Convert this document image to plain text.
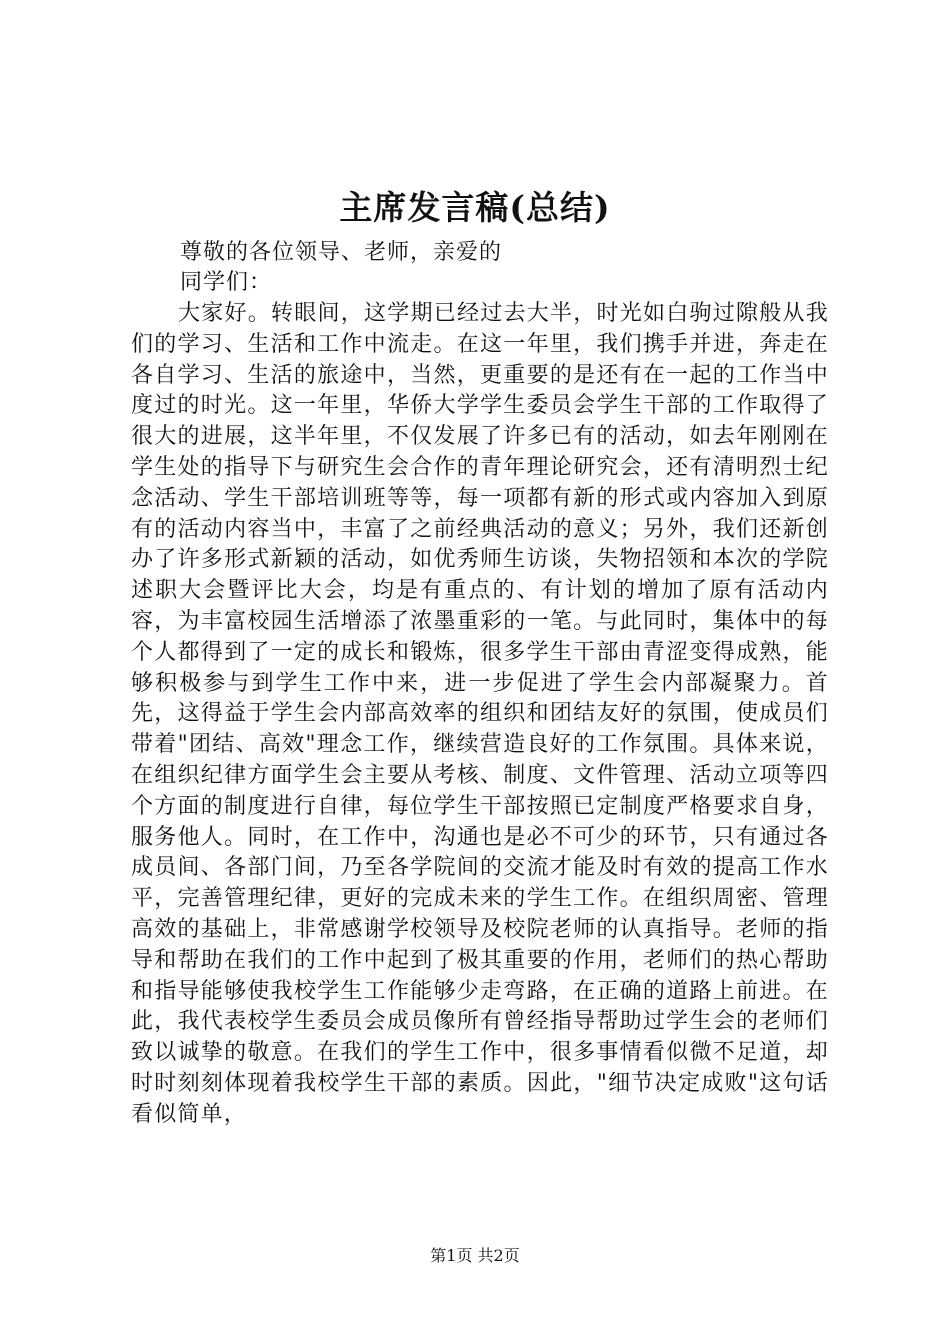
主席发言稿(总结)

尊敬的各位领导、老师，亲爱的

同学们：

大家好。转眼间，这学期已经过去大半，时光如白驹过隙般从我们的学习、生活和工作中流走。在这一年里，我们携手并进，奔走在各自学习、生活的旅途中，当然，更重要的是还有在一起的工作当中度过的时光。这一年里，华侨大学学生委员会学生干部的工作取得了很大的进展，这半年里，不仅发展了许多已有的活动，如去年刚刚在学生处的指导下与研究生会合作的青年理论研究会，还有清明烈士纪念活动、学生干部培训班等等，每一项都有新的形式或内容加入到原有的活动内容当中，丰富了之前经典活动的意义；另外，我们还新创办了许多形式新颖的活动，如优秀师生访谈，失物招领和本次的学院述职大会暨评比大会，均是有重点的、有计划的增加了原有活动内容，为丰富校园生活增添了浓墨重彩的一笔。与此同时，集体中的每个人都得到了一定的成长和锻炼，很多学生干部由青涩变得成熟，能够积极参与到学生工作中来，进一步促进了学生会内部凝聚力。首先，这得益于学生会内部高效率的组织和团结友好的氛围，使成员们带着"团结、高效"理念工作，继续营造良好的工作氛围。具体来说，在组织纪律方面学生会主要从考核、制度、文件管理、活动立项等四个方面的制度进行自律，每位学生干部按照已定制度严格要求自身，服务他人。同时，在工作中，沟通也是必不可少的环节，只有通过各成员间、各部门间，乃至各学院间的交流才能及时有效的提高工作水平，完善管理纪律，更好的完成未来的学生工作。在组织周密、管理高效的基础上，非常感谢学校领导及校院老师的认真指导。老师的指导和帮助在我们的工作中起到了极其重要的作用，老师们的热心帮助和指导能够使我校学生工作能够少走弯路，在正确的道路上前进。在此，我代表校学生委员会成员像所有曾经指导帮助过学生会的老师们致以诚挚的敬意。在我们的学生工作中，很多事情看似微不足道，却时时刻刻体现着我校学生干部的素质。因此，"细节决定成败"这句话看似简单，

第1页 共2页
